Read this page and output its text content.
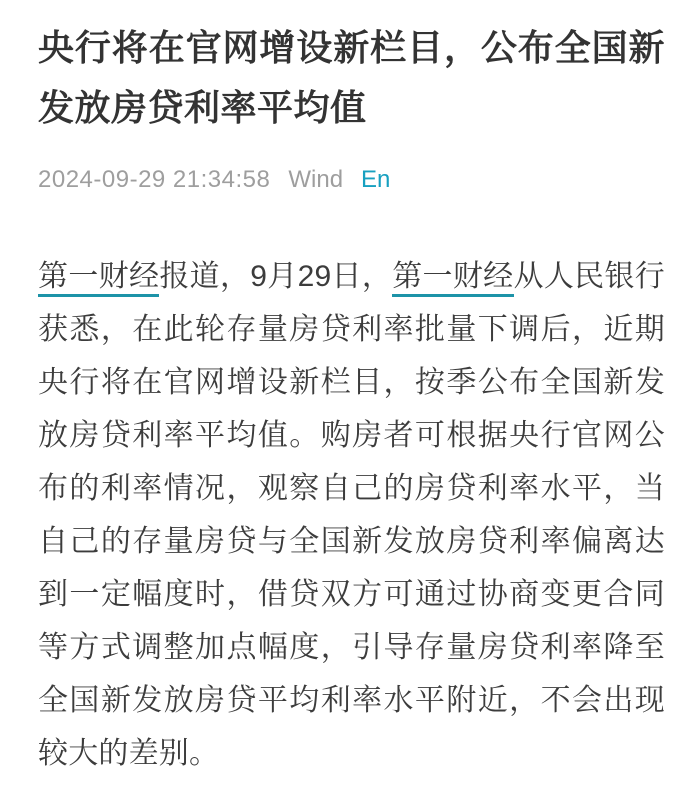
央行将在官网增设新栏目，公布全国新发放房贷利率平均值
2024-09-29 21:34:58 Wind En

第一财经报道，9月29日，第一财经从人民银行获悉，在此轮存量房贷利率批量下调后，近期央行将在官网增设新栏目，按季公布全国新发放房贷利率平均值。购房者可根据央行官网公布的利率情况，观察自己的房贷利率水平，当自己的存量房贷与全国新发放房贷利率偏离达到一定幅度时，借贷双方可通过协商变更合同等方式调整加点幅度，引导存量房贷利率降至全国新发放房贷平均利率水平附近，不会出现较大的差别。
